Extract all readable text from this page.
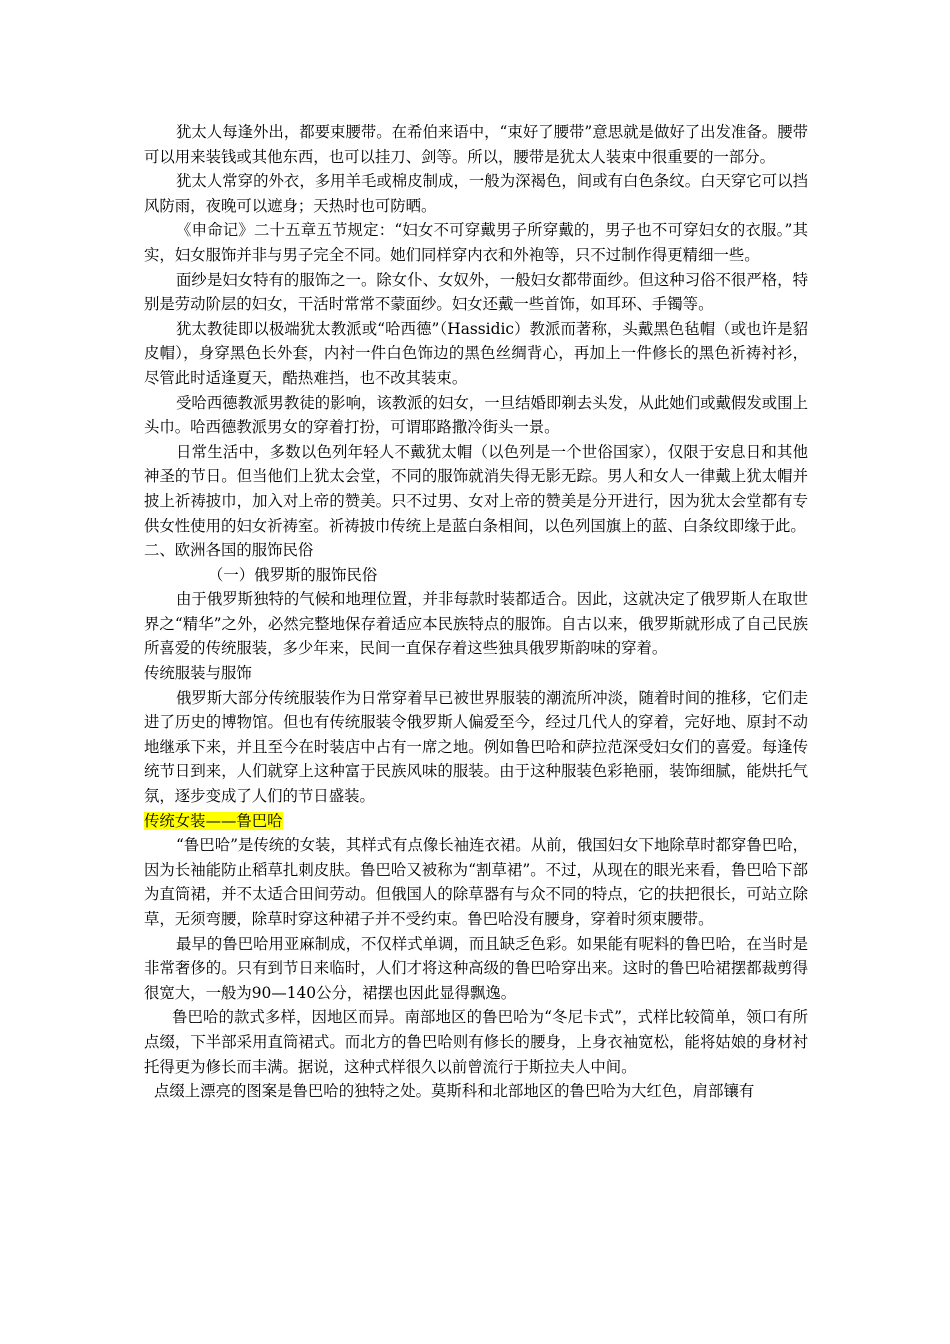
犹太人每逢外出，都要束腰带。在希伯来语中，“束好了腰带”意思就是做好了出发准备。腰带可以用来装钱或其他东西，也可以挂刀、剑等。所以，腰带是犹太人装束中很重要的一部分。

犹太人常穿的外衣，多用羊毛或棉皮制成，一般为深褐色，间或有白色条纹。白天穿它可以挡风防雨，夜晚可以遮身；天热时也可防晒。

《申命记》二十五章五节规定：“妇女不可穿戴男子所穿戴的，男子也不可穿妇女的衣服。”其实，妇女服饰并非与男子完全不同。她们同样穿内衣和外袍等，只不过制作得更精细一些。

面纱是妇女特有的服饰之一。除女仆、女奴外，一般妇女都带面纱。但这种习俗不很严格，特别是劳动阶层的妇女，干活时常常不蒙面纱。妇女还戴一些首饰，如耳环、手镯等。

犹太教徒即以极端犹太教派或“哈西德”（Hassidic）教派而著称，头戴黑色毡帽（或也许是貂皮帽），身穿黑色长外套，内衬一件白色饰边的黑色丝绸背心，再加上一件修长的黑色祈祷衬衫，尽管此时适逢夏天，酷热难挡，也不改其装束。

受哈西德教派男教徒的影响，该教派的妇女，一旦结婚即剃去头发，从此她们或戴假发或围上头巾。哈西德教派男女的穿着打扮，可谓耶路撒冷街头一景。

日常生活中，多数以色列年轻人不戴犹太帽（以色列是一个世俗国家），仅限于安息日和其他神圣的节日。但当他们上犹太会堂，不同的服饰就消失得无影无踪。男人和女人一律戴上犹太帽并披上祈祷披巾，加入对上帝的赞美。只不过男、女对上帝的赞美是分开进行，因为犹太会堂都有专供女性使用的妇女祈祷室。祈祷披巾传统上是蓝白条相间，以色列国旗上的蓝、白条纹即缘于此。

二、欧洲各国的服饰民俗

（一）俄罗斯的服饰民俗

由于俄罗斯独特的气候和地理位置，并非每款时装都适合。因此，这就决定了俄罗斯人在取世界之“精华”之外，必然完整地保存着适应本民族特点的服饰。自古以来，俄罗斯就形成了自己民族所喜爱的传统服装，多少年来，民间一直保存着这些独具俄罗斯韵味的穿着。

传统服装与服饰

俄罗斯大部分传统服装作为日常穿着早已被世界服装的潮流所冲淡，随着时间的推移，它们走进了历史的博物馆。但也有传统服装令俄罗斯人偏爱至今，经过几代人的穿着，完好地、原封不动地继承下来，并且至今在时装店中占有一席之地。例如鲁巴哈和萨拉范深受妇女们的喜爱。每逢传统节日到来，人们就穿上这种富于民族风味的服装。由于这种服装色彩艳丽，装饰细腻，能烘托气氛，逐步变成了人们的节日盛装。

传统女装——鲁巴哈

“鲁巴哈”是传统的女装，其样式有点像长袖连衣裙。从前，俄国妇女下地除草时都穿鲁巴哈，因为长袖能防止稻草扎刺皮肤。鲁巴哈又被称为“割草裙”。不过，从现在的眼光来看，鲁巴哈下部为直筒裙，并不太适合田间劳动。但俄国人的除草器有与众不同的特点，它的扶把很长，可站立除草，无须弯腰，除草时穿这种裙子并不受约束。鲁巴哈没有腰身，穿着时须束腰带。

最早的鲁巴哈用亚麻制成，不仅样式单调，而且缺乏色彩。如果能有呢料的鲁巴哈，在当时是非常奢侈的。只有到节日来临时，人们才将这种高级的鲁巴哈穿出来。这时的鲁巴哈裙摆都裁剪得很宽大，一般为90—140公分，裙摆也因此显得飘逸。

鲁巴哈的款式多样，因地区而异。南部地区的鲁巴哈为“冬尼卡式”，式样比较简单，领口有所点缀，下半部采用直筒裙式。而北方的鲁巴哈则有修长的腰身，上身衣袖宽松，能将姑娘的身材衬托得更为修长而丰满。据说，这种式样很久以前曾流行于斯拉夫人中间。

点缀上漂亮的图案是鲁巴哈的独特之处。莫斯科和北部地区的鲁巴哈为大红色，肩部镶有
